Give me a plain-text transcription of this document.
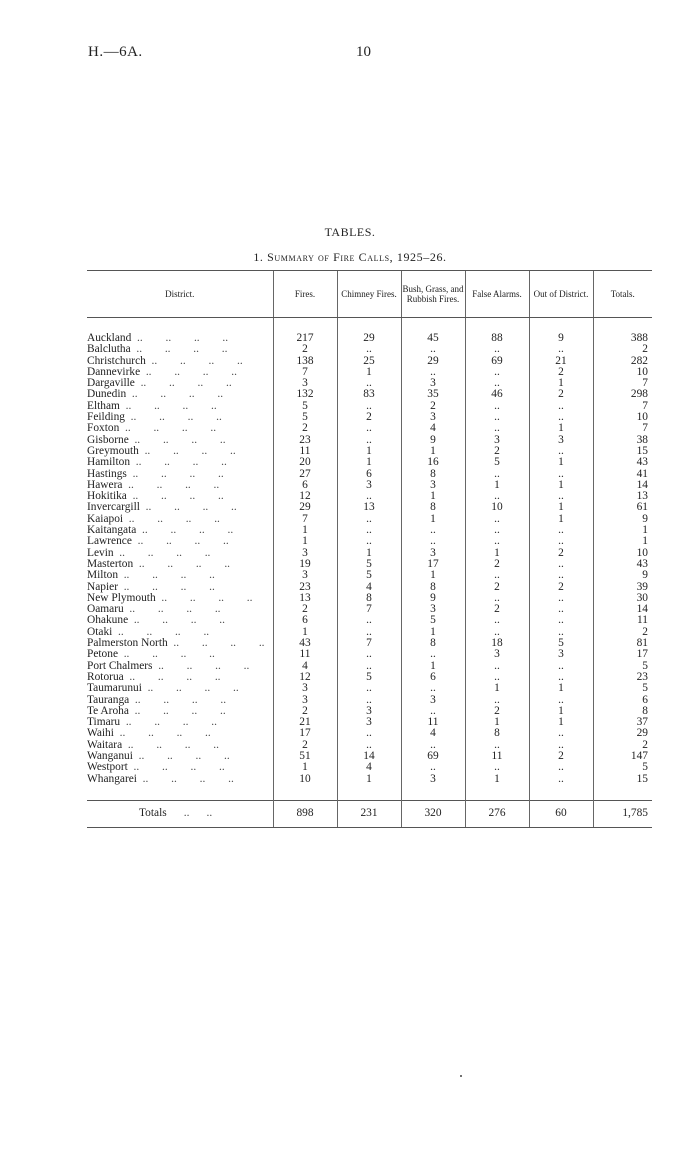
H.—6A.	10
TABLES.
1. Summary of Fire Calls, 1925–26.
District.	Fires.	Chimney Fires.	Bush, Grass, and Rubbish Fires.	False Alarms.	Out of District.	Totals.

Auckland  ..        ..        ..        ..	217	29	45	88	9	388
Balclutha  ..        ..        ..        ..	2	..	..	..	..	2
Christchurch  ..        ..        ..        ..	138	25	29	69	21	282
Dannevirke  ..        ..        ..        ..	7	1	..	..	2	10
Dargaville  ..        ..        ..        ..	3	..	3	..	1	7
Dunedin  ..        ..        ..        ..	132	83	35	46	2	298
Eltham  ..        ..        ..        ..	5	..	2	..	..	7
Feilding  ..        ..        ..        ..	5	2	3	..	..	10
Foxton  ..        ..        ..        ..	2	..	4	..	1	7
Gisborne  ..        ..        ..        ..	23	..	9	3	3	38
Greymouth  ..        ..        ..        ..	11	1	1	2	..	15
Hamilton  ..        ..        ..        ..	20	1	16	5	1	43
Hastings  ..        ..        ..        ..	27	6	8	..	..	41
Hawera  ..        ..        ..        ..	6	3	3	1	1	14
Hokitika  ..        ..        ..        ..	12	..	1	..	..	13
Invercargill  ..        ..        ..        ..	29	13	8	10	1	61
Kaiapoi  ..        ..        ..        ..	7	..	1	..	1	9
Kaitangata  ..        ..        ..        ..	1	..	..	..	..	1
Lawrence  ..        ..        ..        ..	1	..	..	..	..	1
Levin  ..        ..        ..        ..	3	1	3	1	2	10
Masterton  ..        ..        ..        ..	19	5	17	2	..	43
Milton  ..        ..        ..        ..	3	5	1	..	..	9
Napier  ..        ..        ..        ..	23	4	8	2	2	39
New Plymouth  ..        ..        ..        ..	13	8	9	..	..	30
Oamaru  ..        ..        ..        ..	2	7	3	2	..	14
Ohakune  ..        ..        ..        ..	6	..	5	..	..	11
Otaki  ..        ..        ..        ..	1	..	1	..	..	2
Palmerston North  ..        ..        ..        ..	43	7	8	18	5	81
Petone  ..        ..        ..        ..	11	..	..	3	3	17
Port Chalmers  ..        ..        ..        ..	4	..	1	..	..	5
Rotorua  ..        ..        ..        ..	12	5	6	..	..	23
Taumarunui  ..        ..        ..        ..	3	..	..	1	1	5
Tauranga  ..        ..        ..        ..	3	..	3	..	..	6
Te Aroha  ..        ..        ..        ..	2	3	..	2	1	8
Timaru  ..        ..        ..        ..	21	3	11	1	1	37
Waihi  ..        ..        ..        ..	17	..	4	8	..	29
Waitara  ..        ..        ..        ..	2	..	..	..	..	2
Wanganui  ..        ..        ..        ..	51	14	69	11	2	147
Westport  ..        ..        ..        ..	1	4	..	..	..	5
Whangarei  ..        ..        ..        ..	10	1	3	1	..	15

Totals      ..      ..	898	231	320	276	60	1,785
